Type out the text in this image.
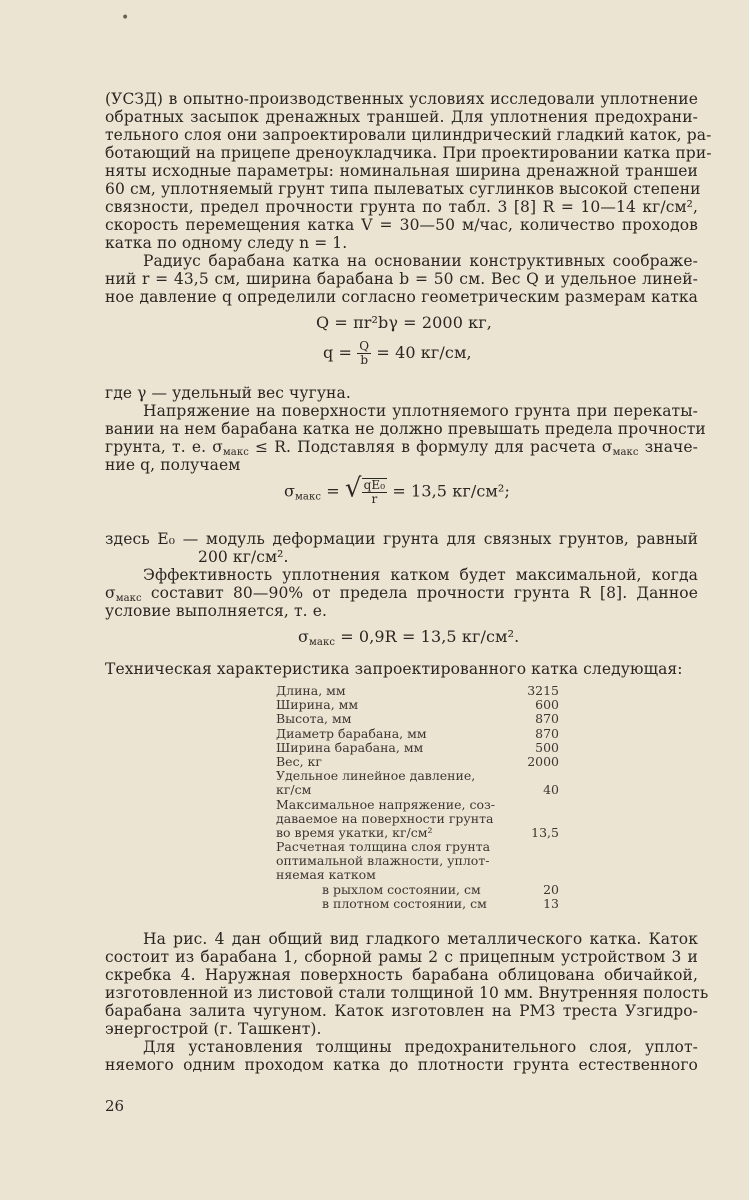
•
(УСЗД) в опытно-производственных условиях исследовали уплотнение
обратных засыпок дренажных траншей. Для уплотнения предохрани-
тельного слоя они запроектировали цилиндрический гладкий каток, ра-
ботающий на прицепе дреноукладчика. При проектировании катка при-
няты исходные параметры: номинальная ширина дренажной траншеи
60 см, уплотняемый грунт типа пылеватых суглинков высокой степени
связности, предел прочности грунта по табл. 3 [8] R = 10—14 кг/см²,
скорость перемещения катка V = 30—50 м/час, количество проходов
катка по одному следу n = 1.
Радиус барабана катка на основании конструктивных соображе-
ний r = 43,5 см, ширина барабана b = 50 см. Вес Q и удельное линей-
ное давление q определили согласно геометрическим размерам катка
Q = πr²bγ = 2000 кг,
$q = \frac{Q}{b} = 40$ кг/см,
где γ — удельный вес чугуна.
Напряжение на поверхности уплотняемого грунта при перекаты-
вании на нем барабана катка не должно превышать предела прочности
грунта, т. е. $\sigma_{макс} \le R$. Подставляя в формулу для расчета $\sigma_{макс}$ значе-
ние q, получаем
$\sigma_{макс}$ = √ $\frac{\text{qE₀}}{r} = 13,5$ кг/см²;
здесь E₀ — модуль деформации грунта для связных грунтов, равный
200 кг/см².
Эффективность уплотнения катком будет максимальной, когда
$\sigma_{макс}$ составит 80—90% от предела прочности грунта R [8]. Данное
условие выполняется, т. е.
$\sigma_{макс} = 0,9R = 13,5$ кг/см².
Техническая характеристика запроектированного катка следующая:
Длина, мм	3215
Ширина, мм	600
Высота, мм	870
Диаметр барабана, мм	870
Ширина барабана, мм	500
Вес, кг	2000
Удельное линейное давление,
кг/см	40
Максимальное напряжение, соз-
даваемое на поверхности грунта
во время укатки, кг/см²	13,5
Расчетная толщина слоя грунта
оптимальной влажности, уплот-
няемая катком
в рыхлом состоянии, см	20
в плотном состоянии, см	13
На рис. 4 дан общий вид гладкого металлического катка. Каток
состоит из барабана 1, сборной рамы 2 с прицепным устройством 3 и
скребка 4. Наружная поверхность барабана облицована обичайкой,
изготовленной из листовой стали толщиной 10 мм. Внутренняя полость
барабана залита чугуном. Каток изготовлен на РМЗ треста Узгидро-
энергострой (г. Ташкент).
Для установления толщины предохранительного слоя, уплот-
няемого одним проходом катка до плотности грунта естественного
26
